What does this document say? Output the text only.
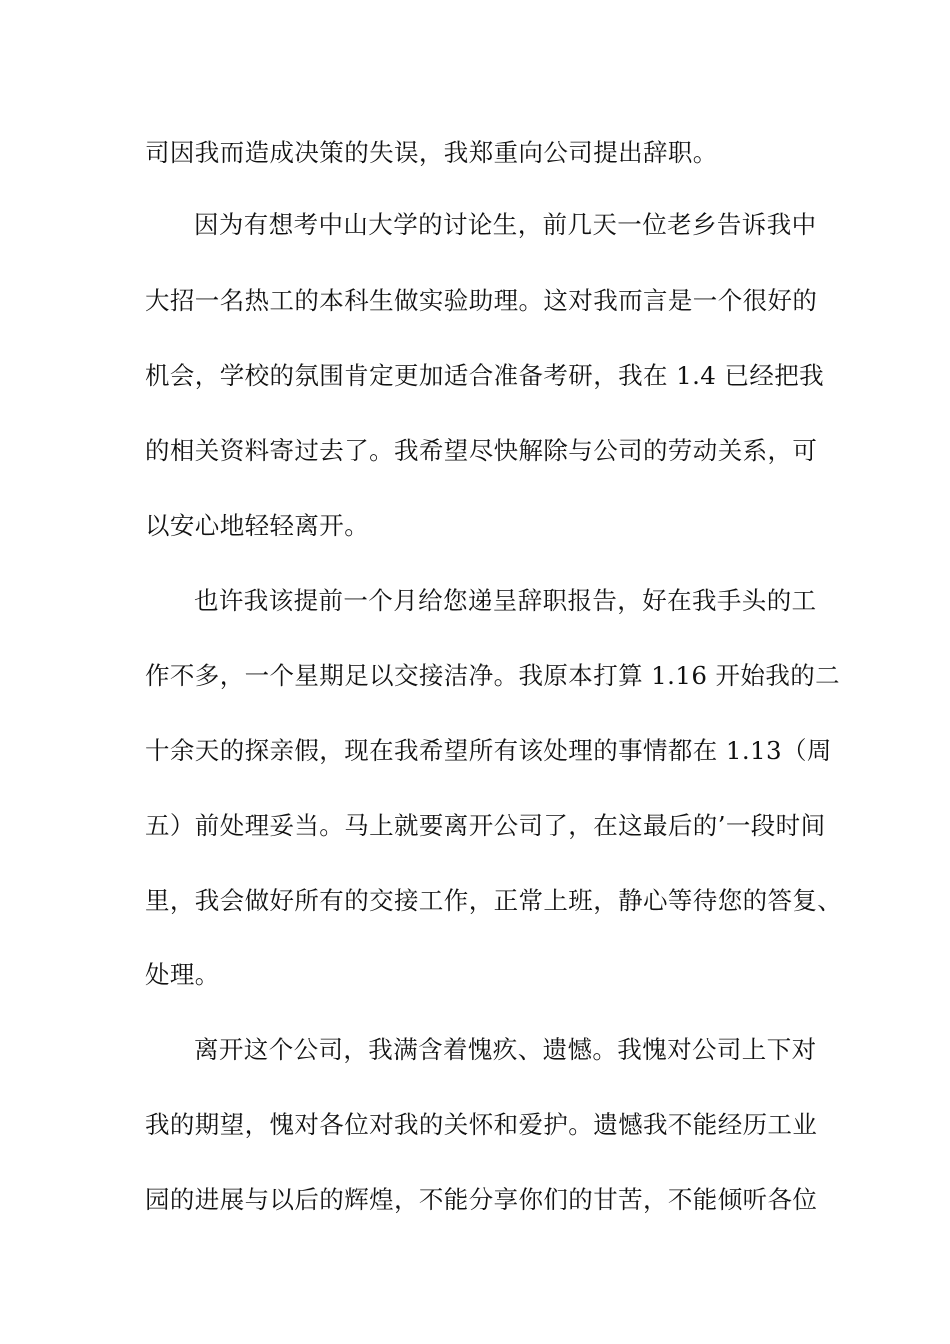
司因我而造成决策的失误，我郑重向公司提出辞职。
因为有想考中山大学的讨论生，前几天一位老乡告诉我中
大招一名热工的本科生做实验助理。这对我而言是一个很好的
机会，学校的氛围肯定更加适合准备考研，我在 1.4 已经把我
的相关资料寄过去了。我希望尽快解除与公司的劳动关系，可
以安心地轻轻离开。
也许我该提前一个月给您递呈辞职报告，好在我手头的工
作不多，一个星期足以交接洁净。我原本打算 1.16 开始我的二
十余天的探亲假，现在我希望所有该处理的事情都在 1.13（周
五）前处理妥当。马上就要离开公司了，在这最后的’一段时间
里，我会做好所有的交接工作，正常上班，静心等待您的答复、
处理。
离开这个公司，我满含着愧疚、遗憾。我愧对公司上下对
我的期望，愧对各位对我的关怀和爱护。遗憾我不能经历工业
园的进展与以后的辉煌，不能分享你们的甘苦，不能倾听各位
